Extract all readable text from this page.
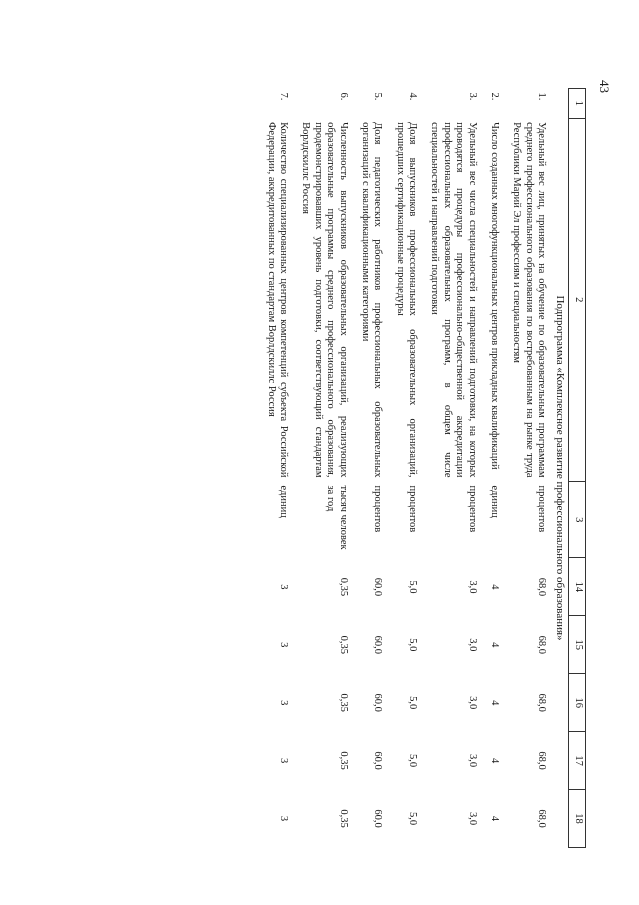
43
1	2	3	14	15	16	17	18
Подпрограмма «Комплексное развитие профессионального образования»							
1.	Удельный вес лиц, принятых на обучение по образовательным программам среднего профессионального образования по востребованным на рынке труда Республики Марий Эл профессиям и специальностям	процентов	68,0	68,0	68,0	68,0	68,0
2.	Число созданных многофункциональных центров прикладных квалификаций	единиц	4	4	4	4	4
3.	Удельный вес числа специальностей и направлений подготовки, на которых проводятся процедуры профессионально-общественной аккредитации профессиональных образовательных программ, в общем числе специальностей и направлений подготовки	процентов	3,0	3,0	3,0	3,0	3,0
4.	Доля выпускников профессиональных образовательных организаций, прошедших сертификационные процедуры	процентов	5,0	5,0	5,0	5,0	5,0
5.	Доля педагогических работников профессиональных образовательных организаций с квалификационными категориями	процентов	60,0	60,0	60,0	60,0	60,0
6.	Численность выпускников образовательных организаций, реализующих образовательные программы среднего профессионального образования, продемонстрировавших уровень подготовки, соответствующий стандартам Ворлдскиллс Россия	тысяч человек за год	0,35	0,35	0,35	0,35	0,35
7.	Количество специализированных центров компетенций субъекта Российской Федерации, аккредитованных по стандартам Ворлдскиллс Россия	единиц	3	3	3	3	3
